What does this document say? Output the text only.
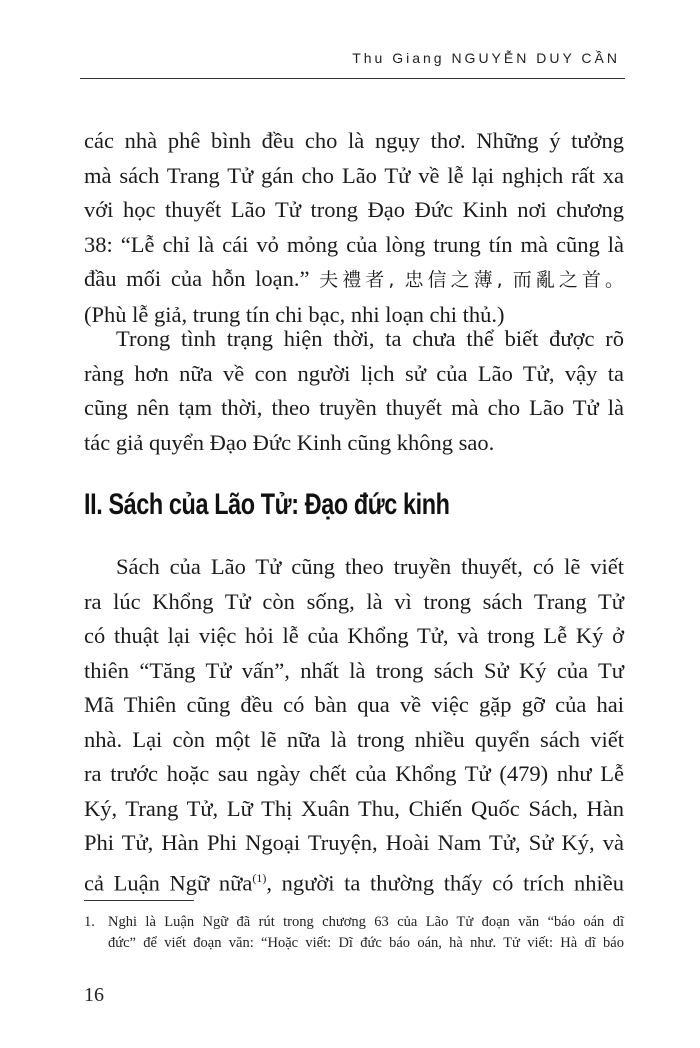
Thu Giang NGUYỄN DUY CẦN
các nhà phê bình đều cho là ngụy thơ. Những ý tưởng
mà sách Trang Tử gán cho Lão Tử về lễ lại nghịch rất xa
với học thuyết Lão Tử trong Đạo Đức Kinh nơi chương
38: “Lễ chỉ là cái vỏ mỏng của lòng trung tín mà cũng là
đầu mối của hỗn loạn.” 夫禮者, 忠信之薄, 而亂之首。
(Phù lễ giả, trung tín chi bạc, nhi loạn chi thủ.)
Trong tình trạng hiện thời, ta chưa thể biết được rõ
ràng hơn nữa về con người lịch sử của Lão Tử, vậy ta
cũng nên tạm thời, theo truyền thuyết mà cho Lão Tử là
tác giả quyển Đạo Đức Kinh cũng không sao.
II. Sách của Lão Tử: Đạo đức kinh
Sách của Lão Tử cũng theo truyền thuyết, có lẽ viết
ra lúc Khổng Tử còn sống, là vì trong sách Trang Tử
có thuật lại việc hỏi lễ của Khổng Tử, và trong Lễ Ký ở
thiên “Tăng Tử vấn”, nhất là trong sách Sử Ký của Tư
Mã Thiên cũng đều có bàn qua về việc gặp gỡ của hai
nhà. Lại còn một lẽ nữa là trong nhiều quyển sách viết
ra trước hoặc sau ngày chết của Khổng Tử (479) như Lễ
Ký, Trang Tử, Lữ Thị Xuân Thu, Chiến Quốc Sách, Hàn
Phi Tử, Hàn Phi Ngoại Truyện, Hoài Nam Tử, Sử Ký, và
cả Luận Ngữ nữa$^{(1)}$, người ta thường thấy có trích nhiều
1. Nghi là Luận Ngữ đã rút trong chương 63 của Lão Tử đoạn văn “báo oán dĩ
đức” để viết đoạn văn: “Hoặc viết: Dĩ đức báo oán, hà như. Tử viết: Hà dĩ báo
16
